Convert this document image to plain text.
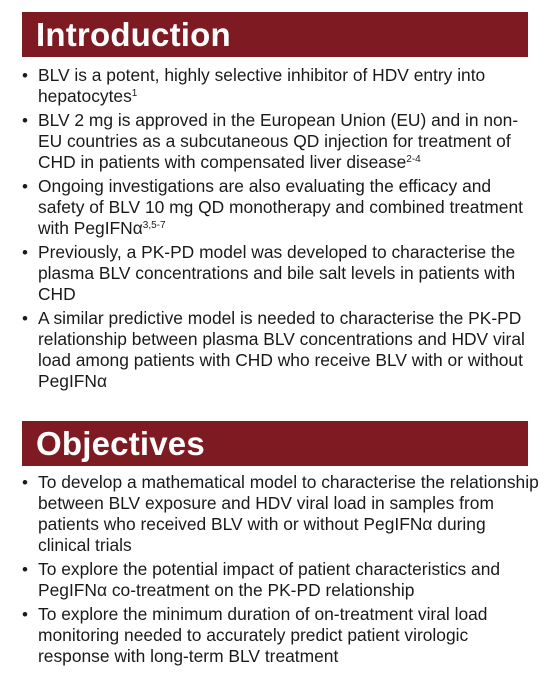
Introduction
• BLV is a potent, highly selective inhibitor of HDV entry into hepatocytes$^1$
• BLV 2 mg is approved in the European Union (EU) and in non-EU countries as a subcutaneous QD injection for treatment of CHD in patients with compensated liver disease$^{2-4}$
• Ongoing investigations are also evaluating the efficacy and safety of BLV 10 mg QD monotherapy and combined treatment with PegIFNα$^{3,5-7}$
• Previously, a PK-PD model was developed to characterise the plasma BLV concentrations and bile salt levels in patients with CHD
• A similar predictive model is needed to characterise the PK-PD relationship between plasma BLV concentrations and HDV viral load among patients with CHD who receive BLV with or without PegIFNα
Objectives
• To develop a mathematical model to characterise the relationship between BLV exposure and HDV viral load in samples from patients who received BLV with or without PegIFNα during clinical trials
• To explore the potential impact of patient characteristics and PegIFNα co-treatment on the PK-PD relationship
• To explore the minimum duration of on-treatment viral load monitoring needed to accurately predict patient virologic response with long-term BLV treatment
